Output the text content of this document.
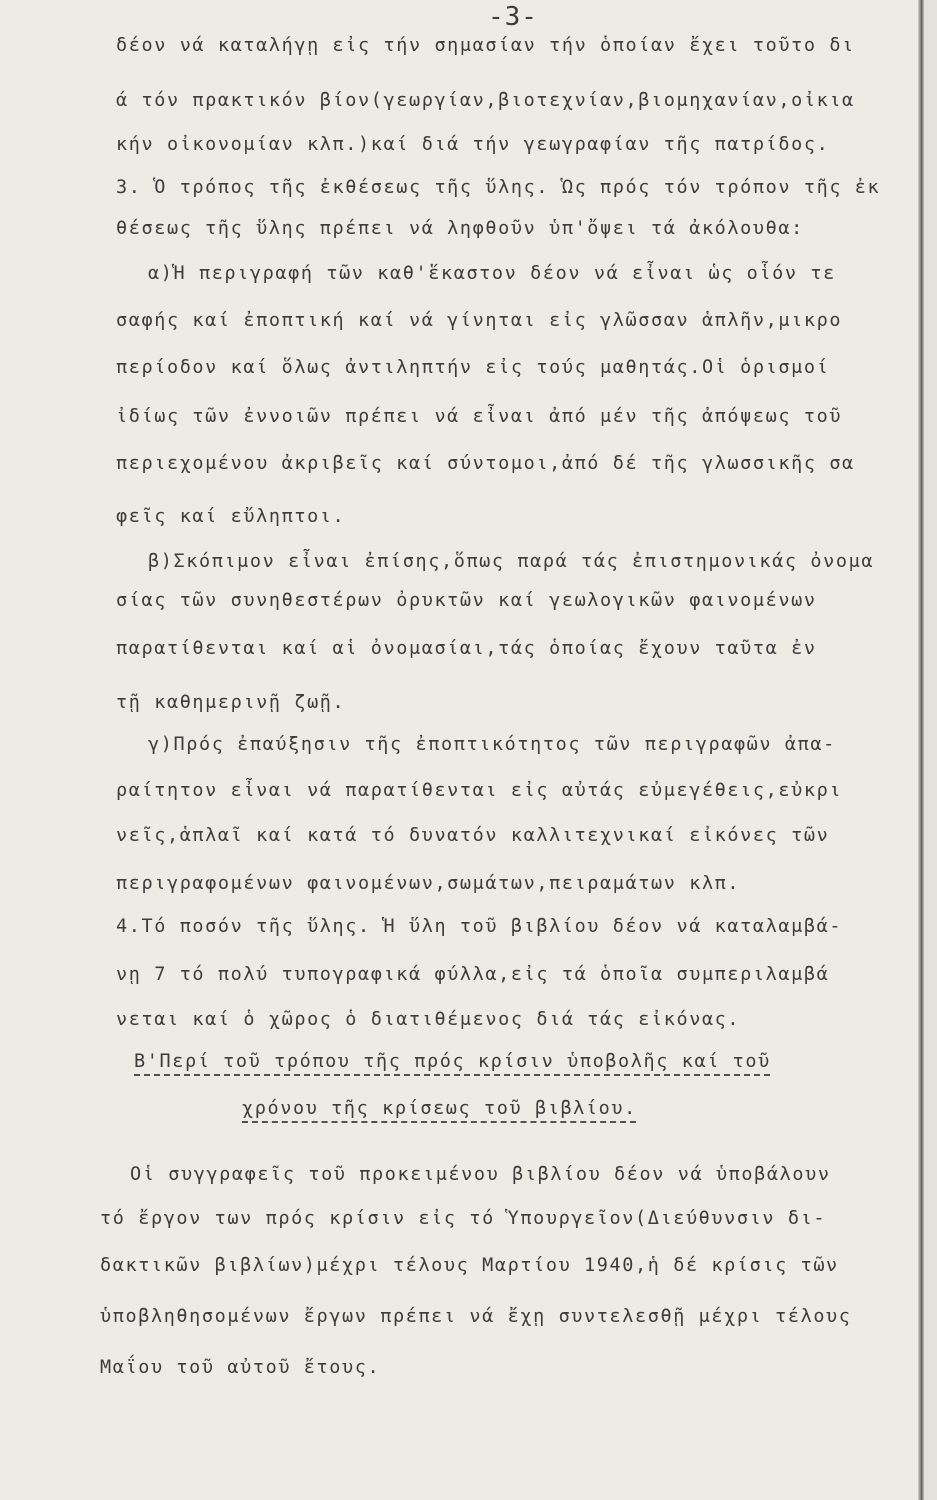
-3-
δέον νά καταλήγῃ εἰς τήν σημασίαν τήν ὁποίαν ἔχει τοῦτο δι
ά τόν πρακτικόν βίον(γεωργίαν,βιοτεχνίαν,βιομηχανίαν,οἰκια
κήν οἰκονομίαν κλπ.)καί διά τήν γεωγραφίαν τῆς πατρίδος.
3. Ὁ τρόπος τῆς ἐκθέσεως τῆς ὕλης. Ὡς πρός τόν τρόπον τῆς ἐκ
θέσεως τῆς ὕλης πρέπει νά ληφθοῦν ὑπ'ὄψει τά ἀκόλουθα:
α)Ἡ περιγραφή τῶν καθ'ἕκαστον δέον νά εἶναι ὡς οἷόν τε
σαφής καί ἐποπτική καί νά γίνηται εἰς γλῶσσαν ἁπλῆν,μικρο
περίοδον καί ὅλως ἀντιληπτήν εἰς τούς μαθητάς.Οἱ ὁρισμοί
ἰδίως τῶν ἐννοιῶν πρέπει νά εἶναι ἀπό μέν τῆς ἀπόψεως τοῦ
περιεχομένου ἀκριβεῖς καί σύντομοι,ἀπό δέ τῆς γλωσσικῆς σα
φεῖς καί εὔληπτοι.
β)Σκόπιμον εἶναι ἐπίσης,ὅπως παρά τάς ἐπιστημονικάς ὀνομα
σίας τῶν συνηθεστέρων ὀρυκτῶν καί γεωλογικῶν φαινομένων
παρατίθενται καί αἱ ὀνομασίαι,τάς ὁποίας ἔχουν ταῦτα ἐν
τῇ καθημερινῇ ζωῇ.
γ)Πρός ἐπαύξησιν τῆς ἐποπτικότητος τῶν περιγραφῶν ἀπα-
ραίτητον εἶναι νά παρατίθενται εἰς αὐτάς εὐμεγέθεις,εὐκρι
νεῖς,ἁπλαῖ καί κατά τό δυνατόν καλλιτεχνικαί εἰκόνες τῶν
περιγραφομένων φαινομένων,σωμάτων,πειραμάτων κλπ.
4.Τό ποσόν τῆς ὕλης. Ἡ ὕλη τοῦ βιβλίου δέον νά καταλαμβά-
νῃ 7 τό πολύ τυπογραφικά φύλλα,εἰς τά ὁποῖα συμπεριλαμβά
νεται καί ὁ χῶρος ὁ διατιθέμενος διά τάς εἰκόνας.
Β'Περί τοῦ τρόπου τῆς πρός κρίσιν ὑποβολῆς καί τοῦ
χρόνου τῆς κρίσεως τοῦ βιβλίου.
Οἱ συγγραφεῖς τοῦ προκειμένου βιβλίου δέον νά ὑποβάλουν
τό ἔργον των πρός κρίσιν εἰς τό Ὑπουργεῖον(Διεύθυνσιν δι-
δακτικῶν βιβλίων)μέχρι τέλους Μαρτίου 1940,ἡ δέ κρίσις τῶν
ὑποβληθησομένων ἔργων πρέπει νά ἔχῃ συντελεσθῇ μέχρι τέλους
Μαΐου τοῦ αὐτοῦ ἔτους.
